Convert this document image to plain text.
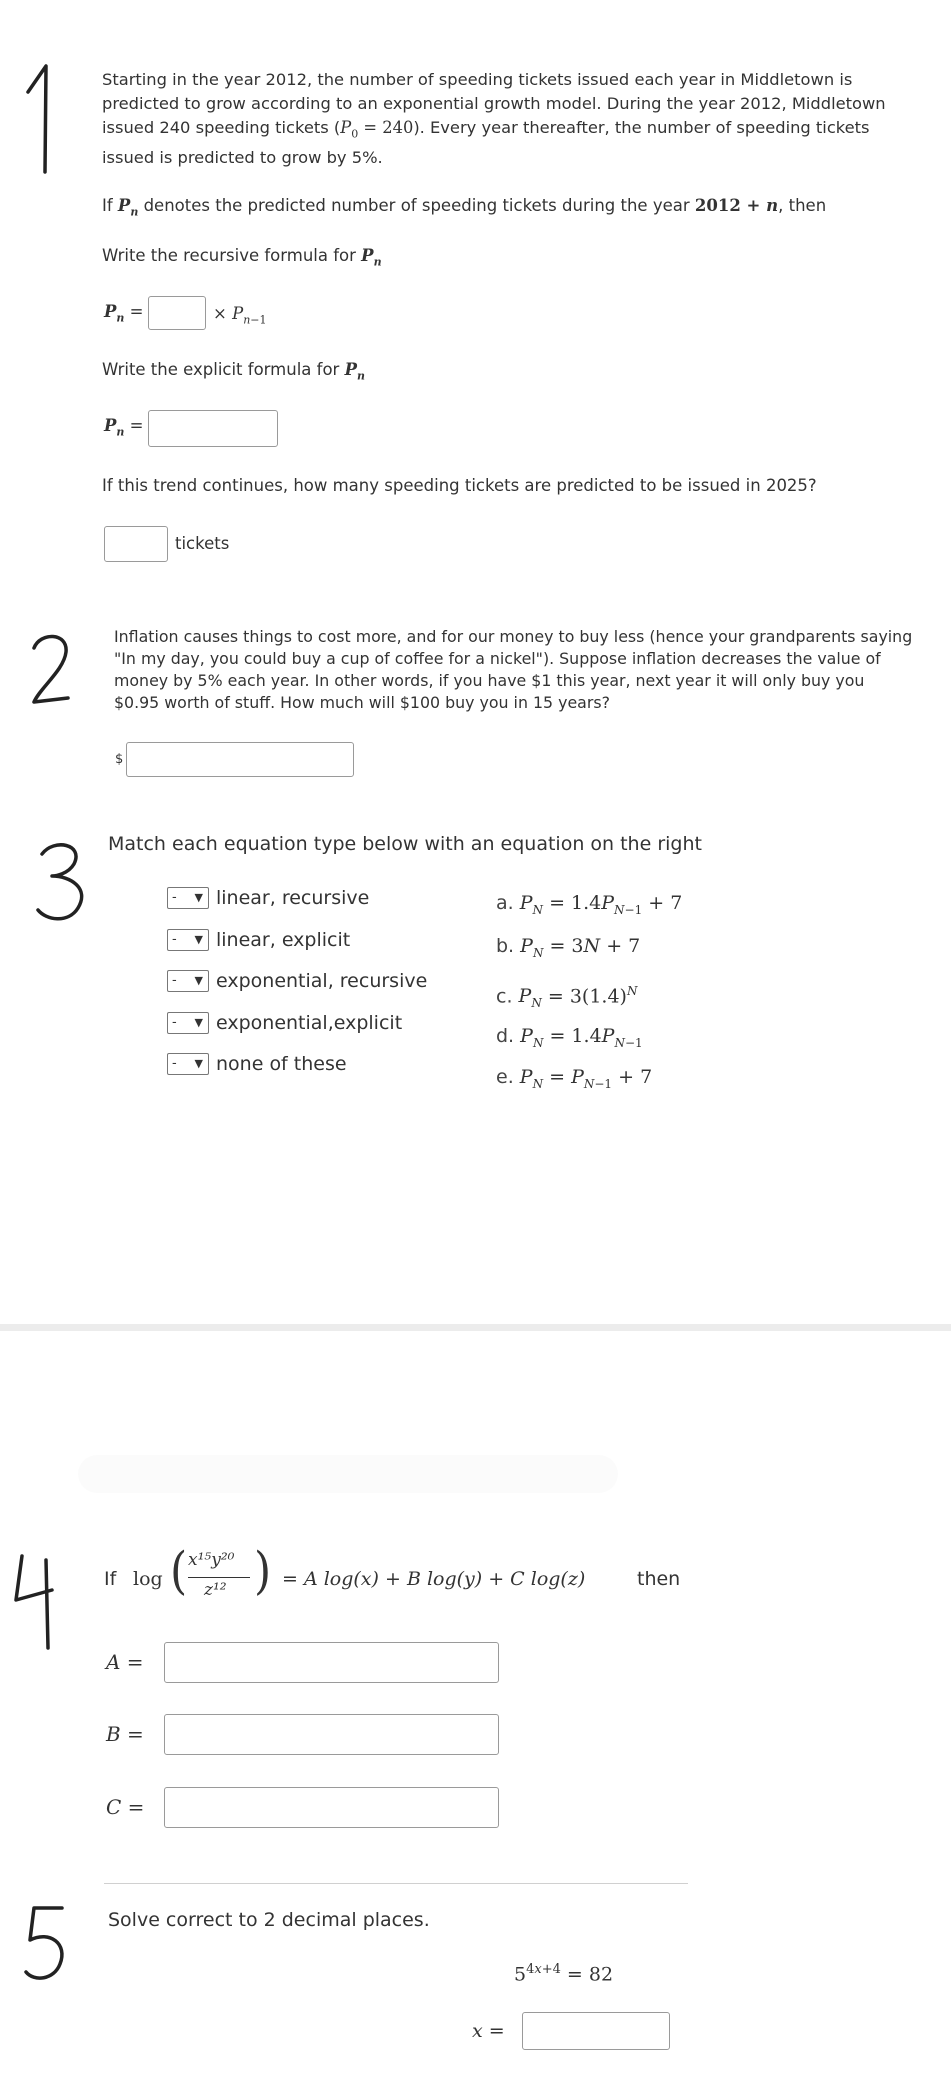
Starting in the year 2012, the number of speeding tickets issued each year in Middletown is predicted to grow according to an exponential growth model. During the year 2012, Middletown issued 240 speeding tickets $(P_0 = 240)$. Every year thereafter, the number of speeding tickets issued is predicted to grow by 5%.
If $P_n$ denotes the predicted number of speeding tickets during the year 2012 + n, then
Write the recursive formula for $P_n$
$P_n$ =	× $P_{n-1}$
Write the explicit formula for $P_n$
$P_n$ =
If this trend continues, how many speeding tickets are predicted to be issued in 2025?
tickets
Inflation causes things to cost more, and for our money to buy less (hence your grandparents saying "In my day, you could buy a cup of coffee for a nickel"). Suppose inflation decreases the value of money by 5% each year. In other words, if you have $1 this year, next year it will only buy you $0.95 worth of stuff. How much will $100 buy you in 15 years?
$
Match each equation type below with an equation on the right
- ▼ linear, recursive
- ▼ linear, explicit
- ▼ exponential, recursive
- ▼ exponential,explicit
- ▼ none of these
a. $P_N = 1.4P_{N-1} + 7$
b. $P_N = 3N + 7$
c. $P_N = 3(1.4)^N$
d. $P_N = 1.4P_{N-1}$
e. $P_N = P_{N-1} + 7$
If log ( x¹⁵y²⁰
z¹² ) = A log(x) + B log(y) + C log(z)	then
A =
B =
C =
Solve correct to 2 decimal places.
$5^{4x+4} = 82$
x =
